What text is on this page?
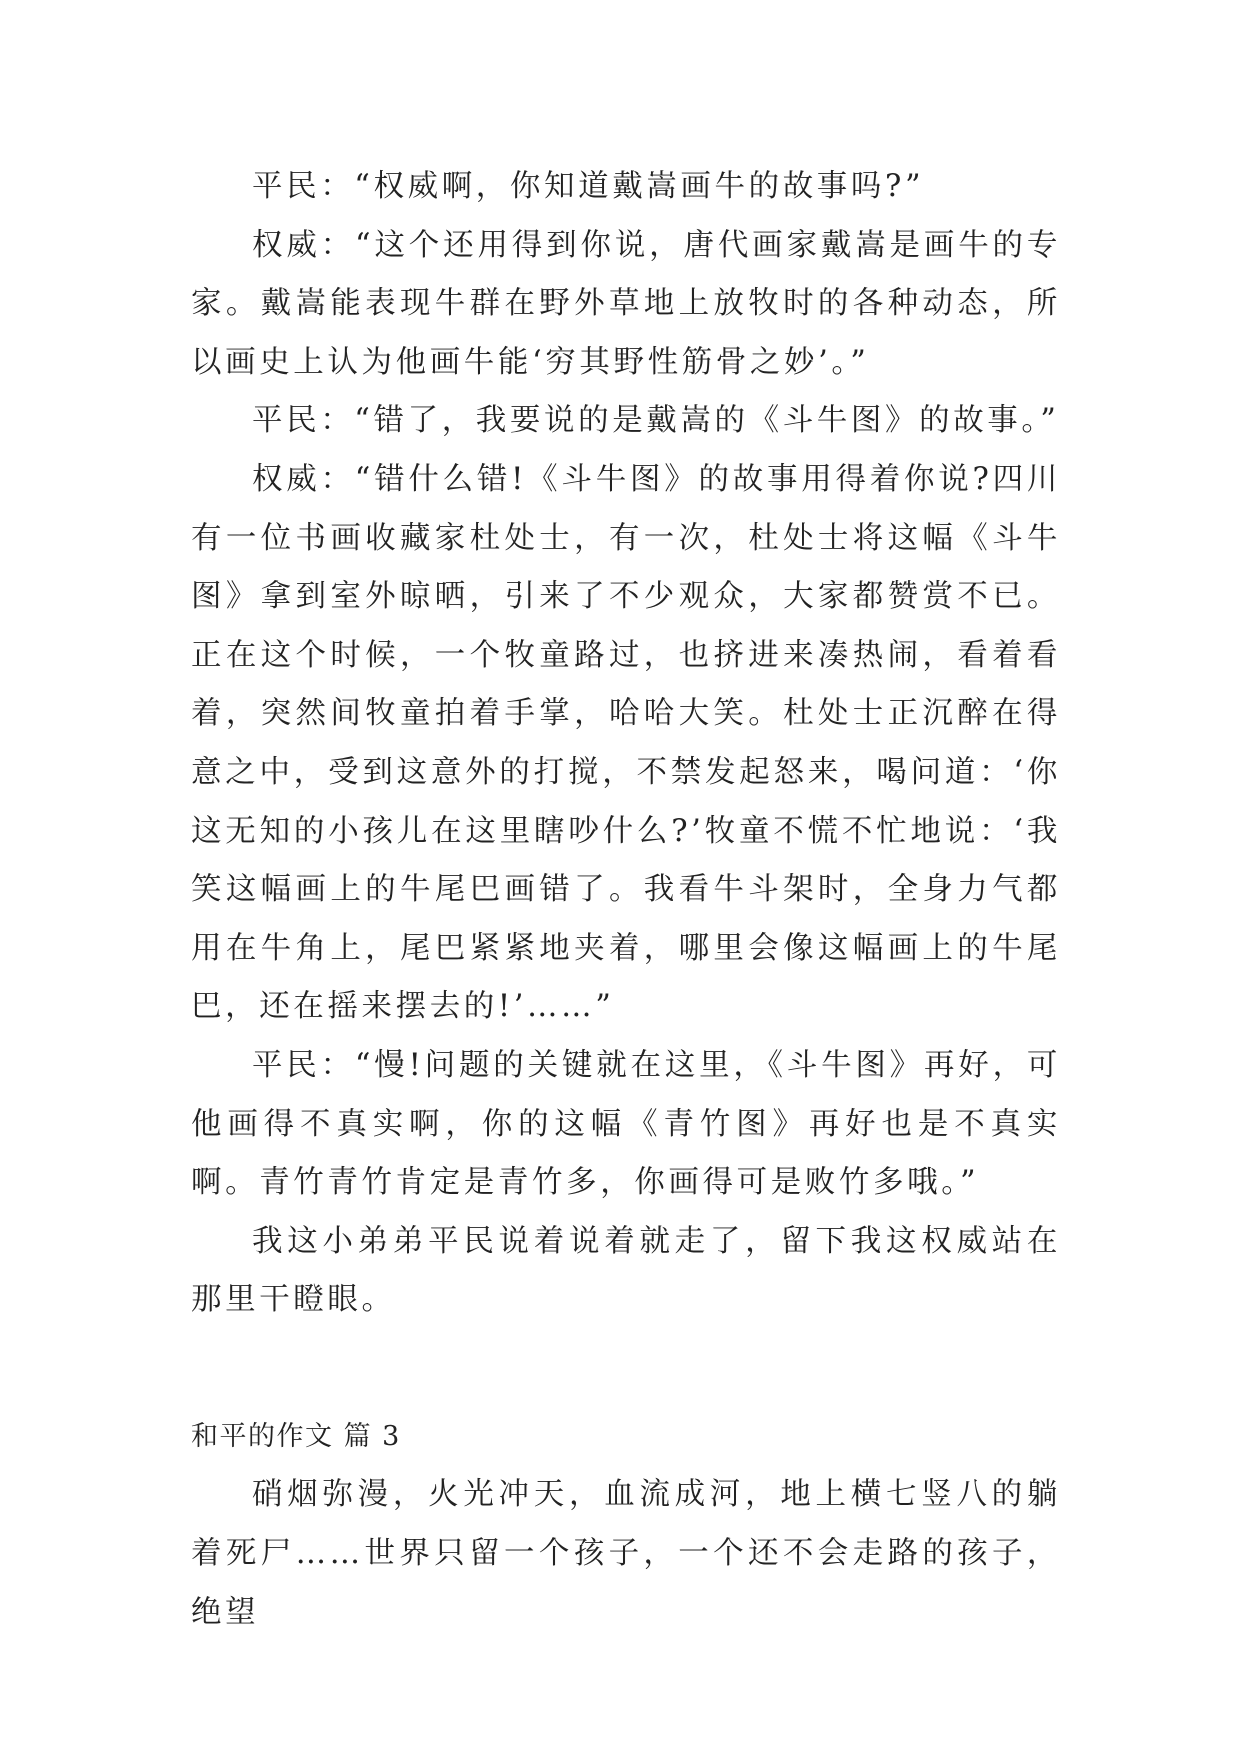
平民：“权威啊，你知道戴嵩画牛的故事吗?”

权威：“这个还用得到你说，唐代画家戴嵩是画牛的专家。戴嵩能表现牛群在野外草地上放牧时的各种动态，所以画史上认为他画牛能‘穷其野性筋骨之妙’。”

平民：“错了，我要说的是戴嵩的《斗牛图》的故事。”

权威：“错什么错!《斗牛图》的故事用得着你说?四川有一位书画收藏家杜处士，有一次，杜处士将这幅《斗牛图》拿到室外晾晒，引来了不少观众，大家都赞赏不已。正在这个时候，一个牧童路过，也挤进来凑热闹，看着看着，突然间牧童拍着手掌，哈哈大笑。杜处士正沉醉在得意之中，受到这意外的打搅，不禁发起怒来，喝问道：‘你这无知的小孩儿在这里瞎吵什么?’牧童不慌不忙地说：‘我笑这幅画上的牛尾巴画错了。我看牛斗架时，全身力气都用在牛角上，尾巴紧紧地夹着，哪里会像这幅画上的牛尾巴，还在摇来摆去的!’……”

平民：“慢!问题的关键就在这里，《斗牛图》再好，可他画得不真实啊，你的这幅《青竹图》再好也是不真实啊。青竹青竹肯定是青竹多，你画得可是败竹多哦。”

我这小弟弟平民说着说着就走了，留下我这权威站在那里干瞪眼。

和平的作文 篇 3

硝烟弥漫，火光冲天，血流成河，地上横七竖八的躺着死尸……世界只留一个孩子，一个还不会走路的孩子，绝望
